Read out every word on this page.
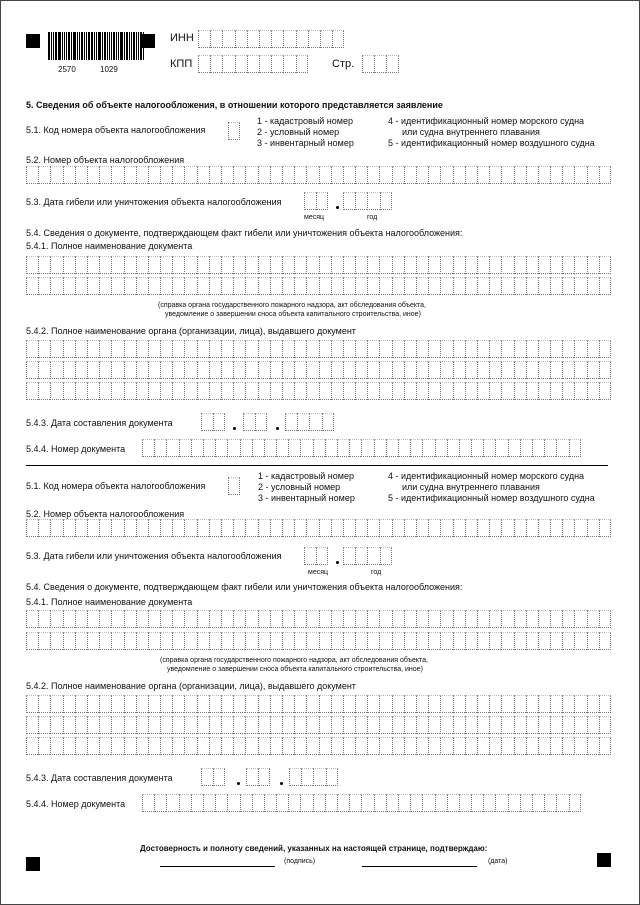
2570	1029
ИНН
КПП	Стр.
5. Сведения об объекте налогообложения, в отношении которого представляется заявление
5.1. Код номера объекта налогообложения
1 - кадастровый номер
2 - условный номер
3 - инвентарный номер
4 - идентификационный номер морского судна
или судна внутреннего плавания
5 - идентификационный номер воздушного судна
5.2. Номер объекта налогообложения
5.3. Дата гибели или уничтожения объекта налогообложения
месяц	год
5.4. Сведения о документе, подтверждающем факт гибели или уничтожения объекта налогообложения:
5.4.1. Полное наименование документа
(справка органа государственного пожарного надзора, акт обследования объекта,
уведомление о завершении сноса объекта капитального строительства, иное)
5.4.2. Полное наименование органа (организации, лица), выдавшего документ
5.4.3. Дата составления документа
5.4.4. Номер документа
5.1. Код номера объекта налогообложения
1 - кадастровый номер
2 - условный номер
3 - инвентарный номер
4 - идентификационный номер морского судна
или судна внутреннего плавания
5 - идентификационный номер воздушного судна
5.2. Номер объекта налогообложения
5.3. Дата гибели или уничтожения объекта налогообложения
месяц	год
5.4. Сведения о документе, подтверждающем факт гибели или уничтожения объекта налогообложения:
5.4.1. Полное наименование документа
(справка органа государственного пожарного надзора, акт обследования объекта,
уведомление о завершении сноса объекта капитального строительства, иное)
5.4.2. Полное наименование органа (организации, лица), выдавшего документ
5.4.3. Дата составления документа
5.4.4. Номер документа
Достоверность и полноту сведений, указанных на настоящей странице, подтверждаю:
(подпись)	(дата)
